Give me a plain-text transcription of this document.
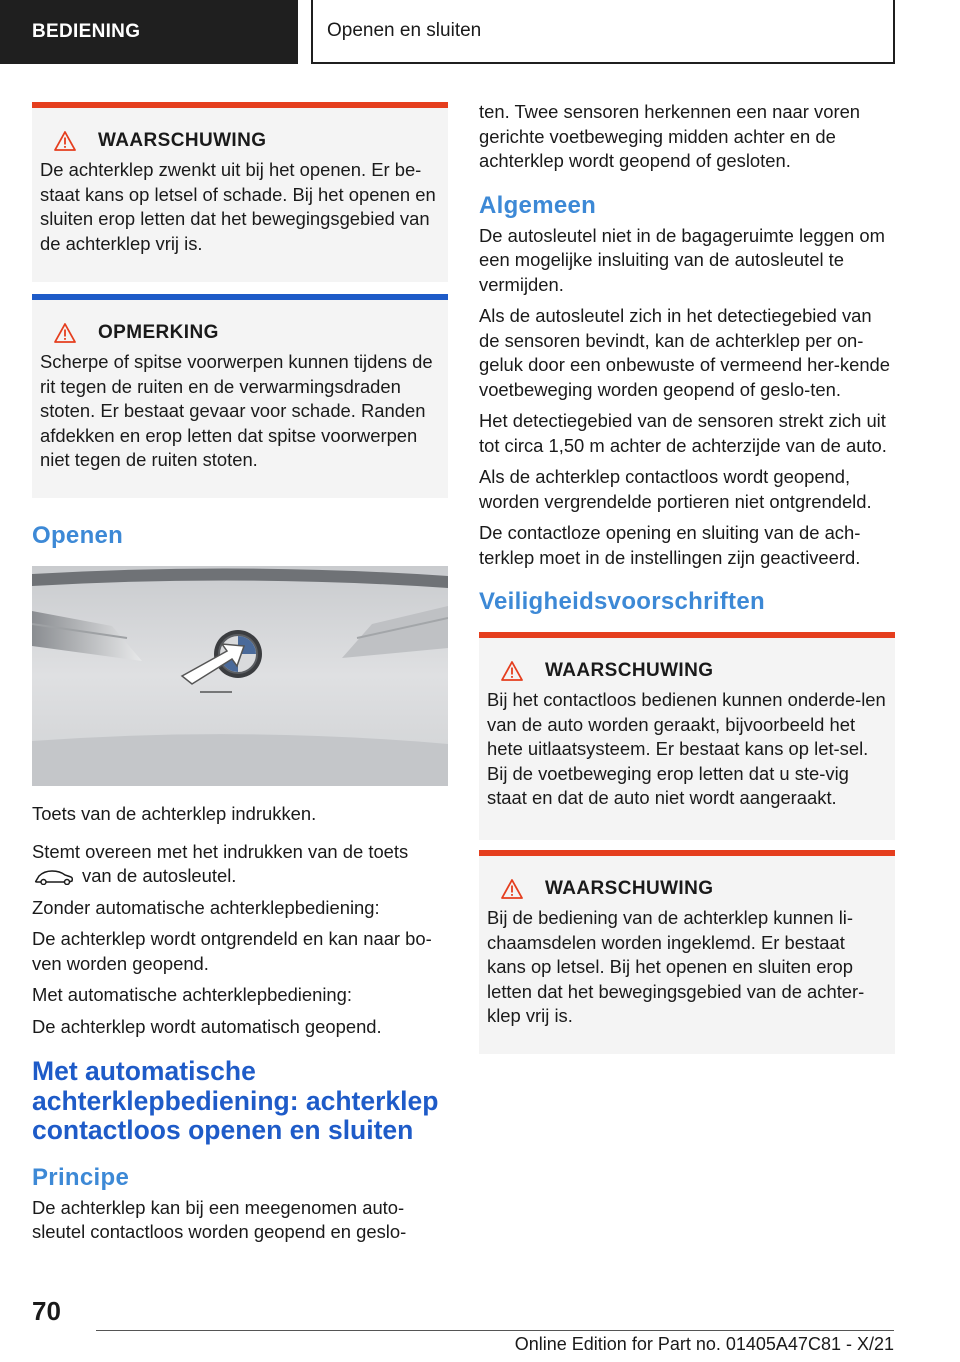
BEDIENING	Openen en sluiten
WAARSCHUWING

De achterklep zwenkt uit bij het openen. Er be-staat kans op letsel of schade. Bij het openen en sluiten erop letten dat het bewegingsgebied van de achterklep vrij is.

OPMERKING

Scherpe of spitse voorwerpen kunnen tijdens de rit tegen de ruiten en de verwarmingsdraden stoten. Er bestaat gevaar voor schade. Randen afdekken en erop letten dat spitse voorwerpen niet tegen de ruiten stoten.

Openen

Toets van de achterklep indrukken.

Stemt overeen met het indrukken van de toets
van de autosleutel.

Zonder automatische achterklepbediening:

De achterklep wordt ontgrendeld en kan naar bo-ven worden geopend.

Met automatische achterklepbediening:

De achterklep wordt automatisch geopend.

Met automatische achterklepbediening: achterklep contactloos openen en sluiten
Principe

De achterklep kan bij een meegenomen auto-sleutel contactloos worden geopend en geslo-

ten. Twee sensoren herkennen een naar voren gerichte voetbeweging midden achter en de achterklep wordt geopend of gesloten.

Algemeen

De autosleutel niet in de bagageruimte leggen om een mogelijke insluiting van de autosleutel te vermijden.

Als de autosleutel zich in het detectiegebied van de sensoren bevindt, kan de achterklep per on-geluk door een onbewuste of vermeend her-kende voetbeweging worden geopend of geslo-ten.

Het detectiegebied van de sensoren strekt zich uit tot circa 1,50 m achter de achterzijde van de auto.

Als de achterklep contactloos wordt geopend, worden vergrendelde portieren niet ontgrendeld.

De contactloze opening en sluiting van de ach-terklep moet in de instellingen zijn geactiveerd.

Veiligheidsvoorschriften
WAARSCHUWING

Bij het contactloos bedienen kunnen onderde-len van de auto worden geraakt, bijvoorbeeld het hete uitlaatsysteem. Er bestaat kans op let-sel. Bij de voetbeweging erop letten dat u ste-vig staat en dat de auto niet wordt aangeraakt.

WAARSCHUWING

Bij de bediening van de achterklep kunnen li-chaamsdelen worden ingeklemd. Er bestaat kans op letsel. Bij het openen en sluiten erop letten dat het bewegingsgebied van de achter-klep vrij is.

70
Online Edition for Part no. 01405A47C81 - X/21
